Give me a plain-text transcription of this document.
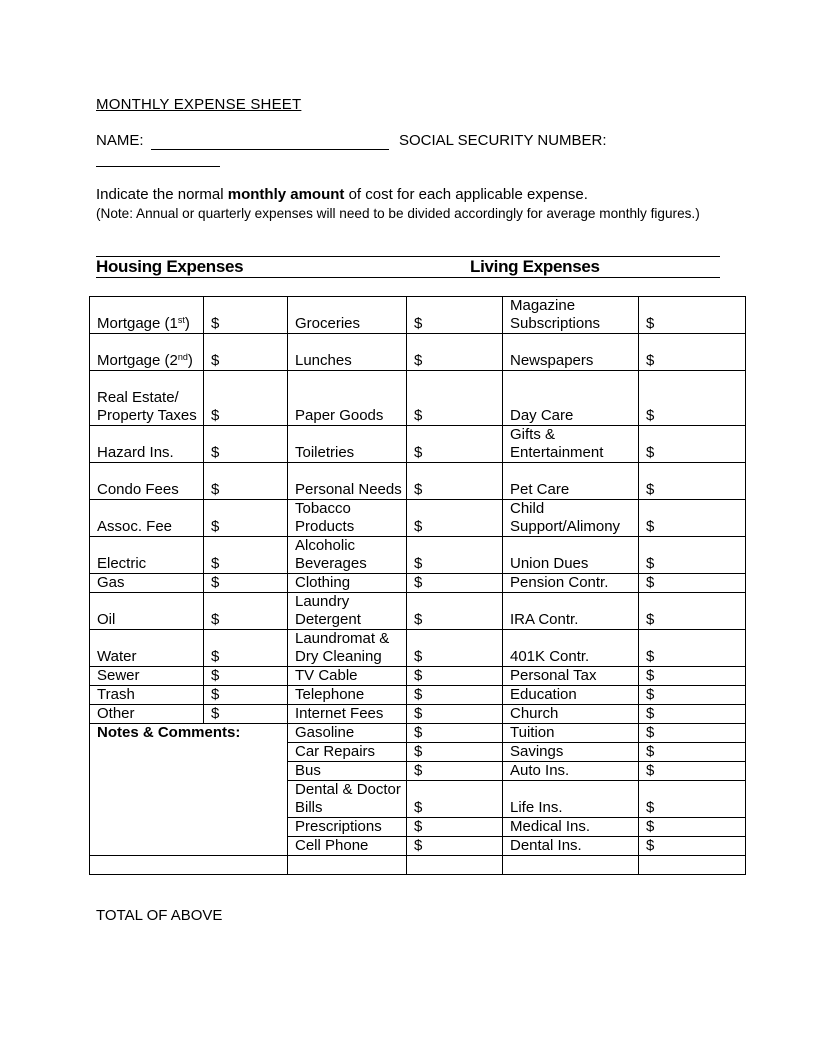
MONTHLY EXPENSE SHEET
NAME:	SOCIAL SECURITY NUMBER:
Indicate the normal monthly amount of cost for each applicable expense.
(Note: Annual or quarterly expenses will need to be divided accordingly for average monthly figures.)
Housing Expenses	Living Expenses
Mortgage (1st)	$	Groceries	$	Magazine Subscriptions	$
Mortgage (2nd)	$	Lunches	$	Newspapers	$
Real Estate/ Property Taxes	$	Paper Goods	$	Day Care	$
Hazard Ins.	$	Toiletries	$	Gifts & Entertainment	$
Condo Fees	$	Personal Needs	$	Pet Care	$
Assoc. Fee	$	Tobacco Products	$	Child Support/Alimony	$
Electric	$	Alcoholic Beverages	$	Union Dues	$
Gas	$	Clothing	$	Pension Contr.	$
Oil	$	Laundry Detergent	$	IRA Contr.	$
Water	$	Laundromat & Dry Cleaning	$	401K Contr.	$
Sewer	$	TV Cable	$	Personal Tax	$
Trash	$	Telephone	$	Education	$
Other	$	Internet Fees	$	Church	$
Notes & Comments:		Gasoline	$	Tuition	$
		Car Repairs	$	Savings	$
		Bus	$	Auto Ins.	$
		Dental & Doctor Bills	$	Life Ins.	$
		Prescriptions	$	Medical Ins.	$
		Cell Phone	$	Dental Ins.	$

TOTAL OF ABOVE
